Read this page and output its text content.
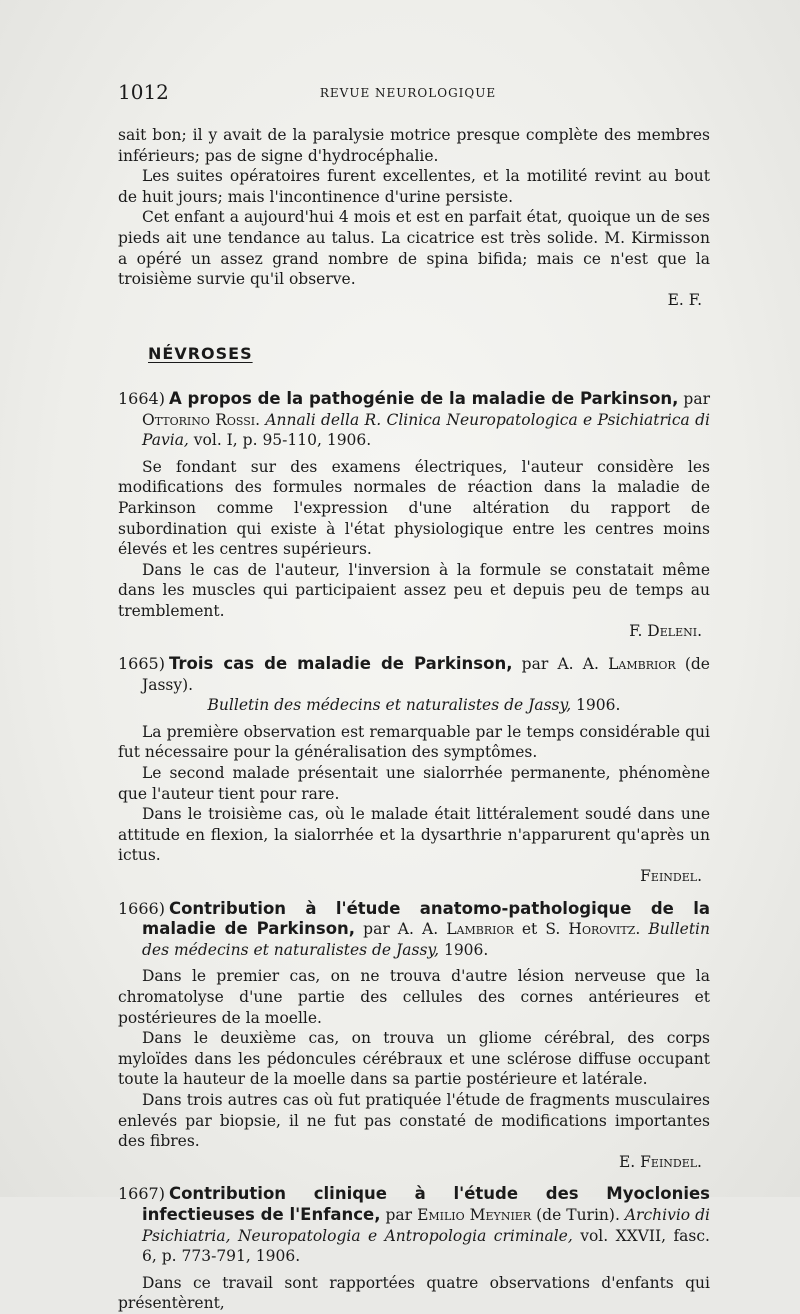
1012	REVUE NEUROLOGIQUE

sait bon; il y avait de la paralysie motrice presque complète des membres inférieurs; pas de signe d'hydrocéphalie.

Les suites opératoires furent excellentes, et la motilité revint au bout de huit jours; mais l'incontinence d'urine persiste.

Cet enfant a aujourd'hui 4 mois et est en parfait état, quoique un de ses pieds ait une tendance au talus. La cicatrice est très solide. M. Kirmisson a opéré un assez grand nombre de spina bifida; mais ce n'est que la troisième survie qu'il observe.

E. F.

NÉVROSES

1664) A propos de la pathogénie de la maladie de Parkinson, par Ottorino Rossi. Annali della R. Clinica Neuropatologica e Psichiatrica di Pavia, vol. I, p. 95-110, 1906.

Se fondant sur des examens électriques, l'auteur considère les modifications des formules normales de réaction dans la maladie de Parkinson comme l'expression d'une altération du rapport de subordination qui existe à l'état physiologique entre les centres moins élevés et les centres supérieurs.

Dans le cas de l'auteur, l'inversion à la formule se constatait même dans les muscles qui participaient assez peu et depuis peu de temps au tremblement.

F. Deleni.

1665) Trois cas de maladie de Parkinson, par A. A. Lambrior (de Jassy).
Bulletin des médecins et naturalistes de Jassy, 1906.

La première observation est remarquable par le temps considérable qui fut nécessaire pour la généralisation des symptômes.

Le second malade présentait une sialorrhée permanente, phénomène que l'auteur tient pour rare.

Dans le troisième cas, où le malade était littéralement soudé dans une attitude en flexion, la sialorrhée et la dysarthrie n'apparurent qu'après un ictus.

Feindel.

1666) Contribution à l'étude anatomo-pathologique de la maladie de Parkinson, par A. A. Lambrior et S. Horovitz. Bulletin des médecins et naturalistes de Jassy, 1906.

Dans le premier cas, on ne trouva d'autre lésion nerveuse que la chromatolyse d'une partie des cellules des cornes antérieures et postérieures de la moelle.

Dans le deuxième cas, on trouva un gliome cérébral, des corps myloïdes dans les pédoncules cérébraux et une sclérose diffuse occupant toute la hauteur de la moelle dans sa partie postérieure et latérale.

Dans trois autres cas où fut pratiquée l'étude de fragments musculaires enlevés par biopsie, il ne fut pas constaté de modifications importantes des fibres.

E. Feindel.

1667) Contribution clinique à l'étude des Myoclonies infectieuses de l'Enfance, par Emilio Meynier (de Turin). Archivio di Psichiatria, Neuropatologia e Antropologia criminale, vol. XXVII, fasc. 6, p. 773-791, 1906.

Dans ce travail sont rapportées quatre observations d'enfants qui présentèrent,
